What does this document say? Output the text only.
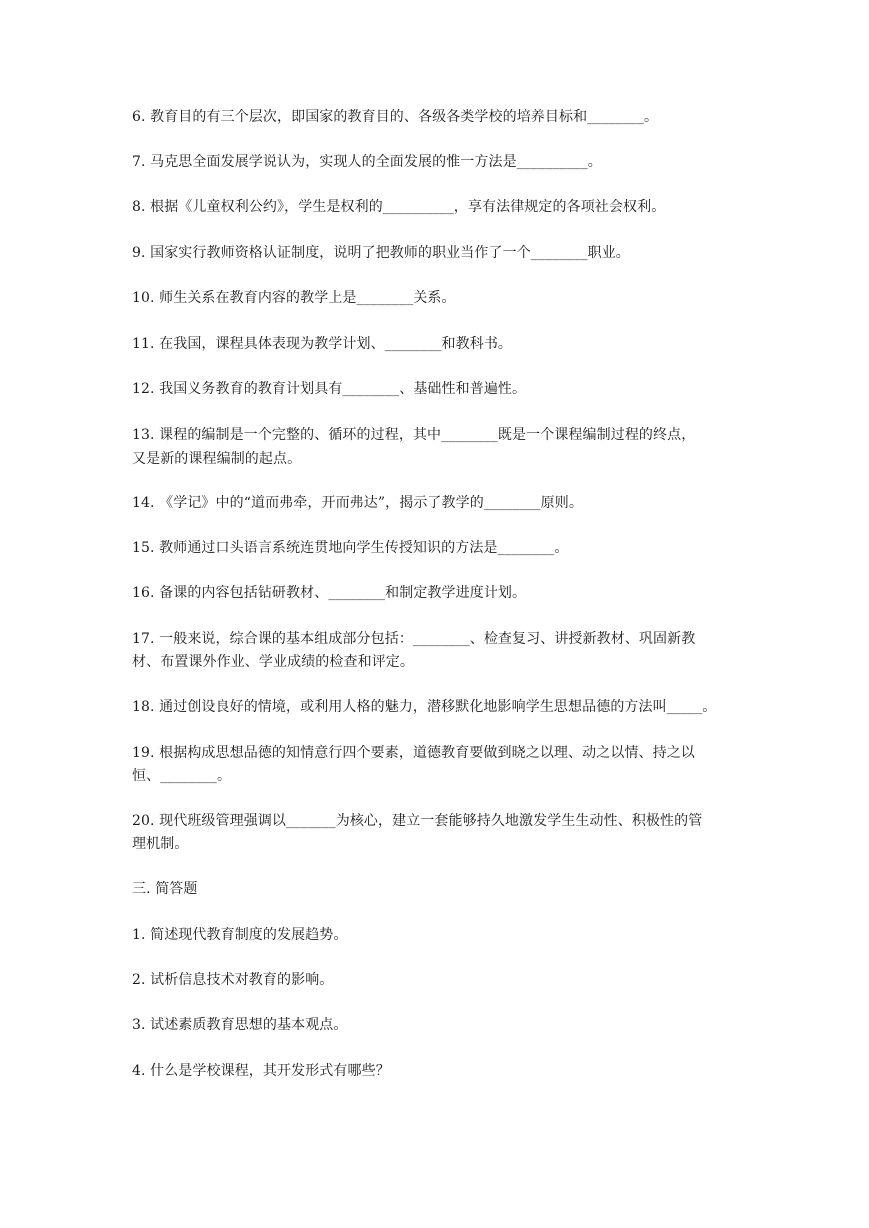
6. 教育目的有三个层次，即国家的教育目的、各级各类学校的培养目标和________。
7. 马克思全面发展学说认为，实现人的全面发展的惟一方法是__________。
8. 根据《儿童权利公约》，学生是权利的__________，享有法律规定的各项社会权利。
9. 国家实行教师资格认证制度，说明了把教师的职业当作了一个________职业。
10. 师生关系在教育内容的教学上是________关系。
11. 在我国，课程具体表现为教学计划、________和教科书。
12. 我国义务教育的教育计划具有________、基础性和普遍性。
13. 课程的编制是一个完整的、循环的过程，其中________既是一个课程编制过程的终点，
又是新的课程编制的起点。
14. 《学记》中的“道而弗牵，开而弗达”，揭示了教学的________原则。
15. 教师通过口头语言系统连贯地向学生传授知识的方法是________。
16. 备课的内容包括钻研教材、________和制定教学进度计划。
17. 一般来说，综合课的基本组成部分包括：________、检查复习、讲授新教材、巩固新教
材、布置课外作业、学业成绩的检查和评定。
18. 通过创设良好的情境，或利用人格的魅力，潜移默化地影响学生思想品德的方法叫_____。
19. 根据构成思想品德的知情意行四个要素，道德教育要做到晓之以理、动之以情、持之以
恒、________。
20. 现代班级管理强调以_______为核心，建立一套能够持久地激发学生生动性、积极性的管
理机制。
三. 简答题
1. 简述现代教育制度的发展趋势。
2. 试析信息技术对教育的影响。
3. 试述素质教育思想的基本观点。
4. 什么是学校课程，其开发形式有哪些？
